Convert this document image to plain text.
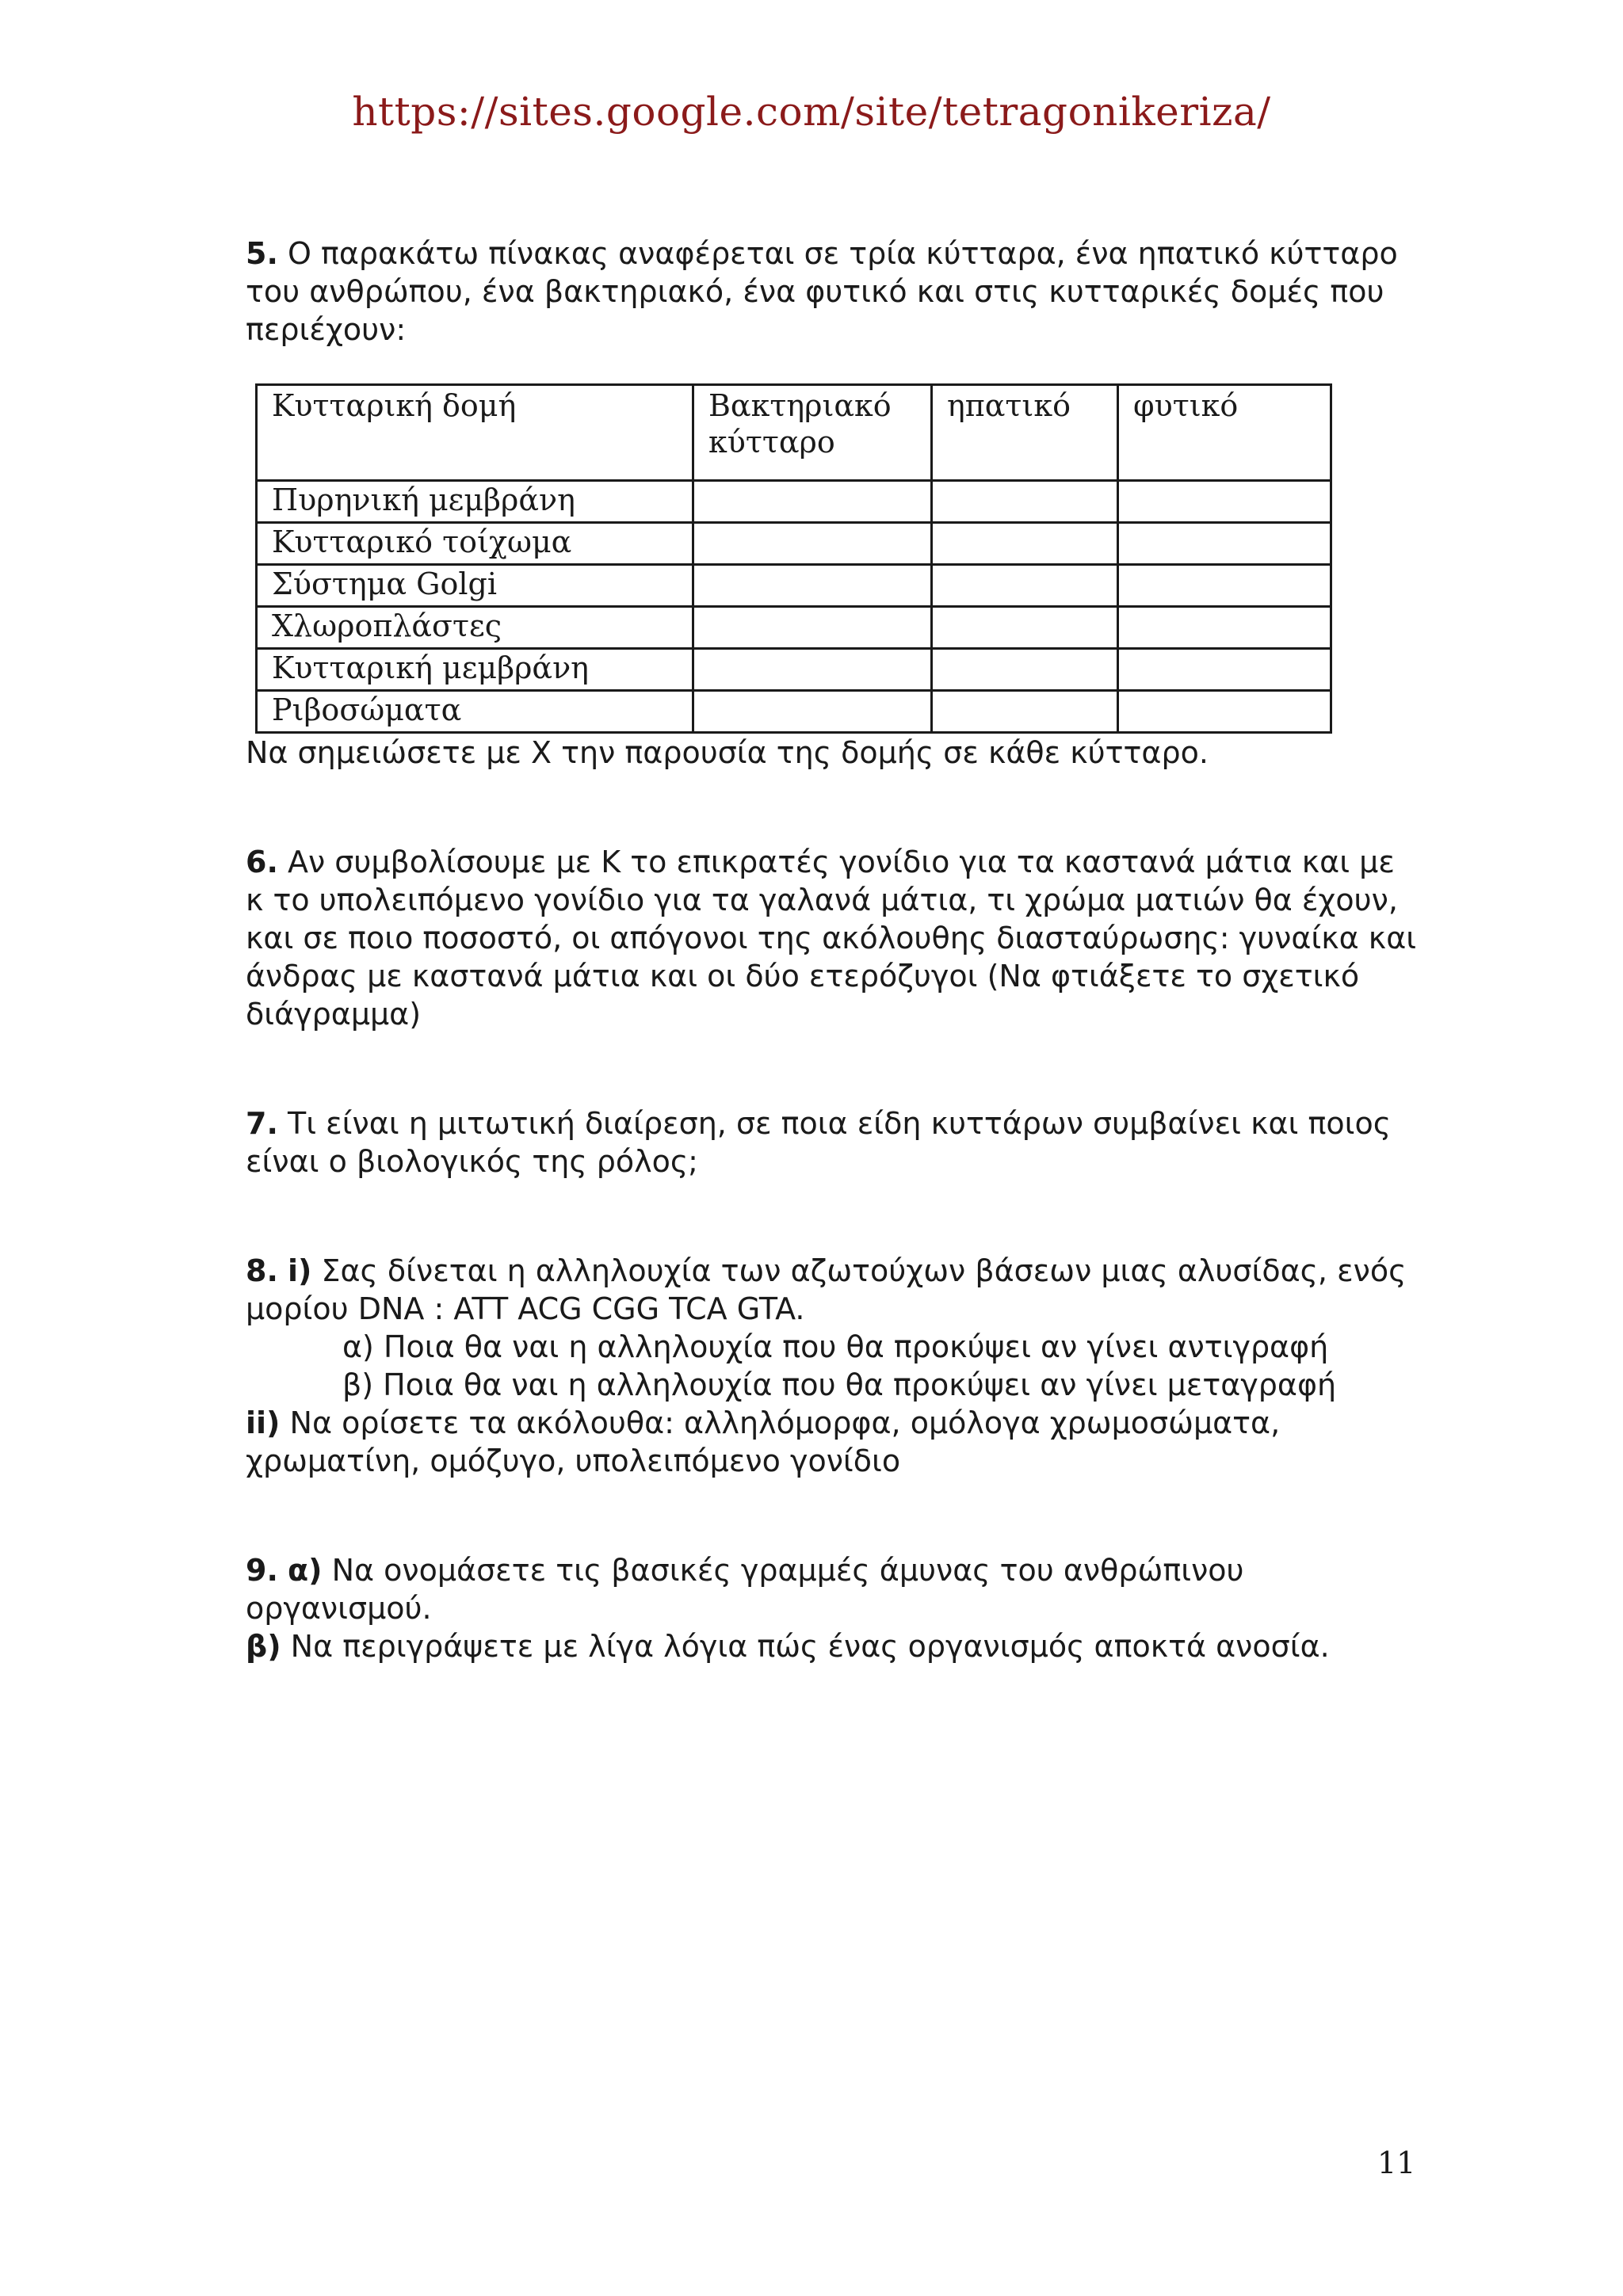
https://sites.google.com/site/tetragonikeriza/

5. Ο παρακάτω πίνακας αναφέρεται σε τρία κύτταρα, ένα ηπατικό κύτταρο του ανθρώπου, ένα βακτηριακό, ένα φυτικό και στις κυτταρικές δομές που περιέχουν:

Κυτταρική δομή	Βακτηριακό κύτταρο	ηπατικό	φυτικό
Πυρηνική μεμβράνη			
Κυτταρικό τοίχωμα			
Σύστημα Golgi			
Χλωροπλάστες			
Κυτταρική μεμβράνη			
Ριβοσώματα			

Να σημειώσετε με Χ την παρουσία της δομής σε κάθε κύτταρο.

6. Αν συμβολίσουμε με Κ το επικρατές γονίδιο για τα καστανά μάτια και με κ το υπολειπόμενο γονίδιο για τα γαλανά μάτια, τι χρώμα ματιών θα έχουν, και σε ποιο ποσοστό, οι απόγονοι της ακόλουθης διασταύρωσης: γυναίκα και άνδρας με καστανά μάτια και οι δύο ετερόζυγοι (Να φτιάξετε το σχετικό διάγραμμα)

7. Τι είναι η μιτωτική διαίρεση, σε ποια είδη κυττάρων συμβαίνει και ποιος είναι ο βιολογικός της ρόλος;

8. i) Σας δίνεται η αλληλουχία των αζωτούχων βάσεων μιας αλυσίδας, ενός μορίου DNA : ATT ACG CGG TCA GTA.

α) Ποια θα ναι η αλληλουχία που θα προκύψει αν γίνει αντιγραφή

β) Ποια θα ναι η αλληλουχία που θα προκύψει αν γίνει μεταγραφή

ii) Να ορίσετε τα ακόλουθα: αλληλόμορφα, ομόλογα χρωμοσώματα, χρωματίνη, ομόζυγο, υπολειπόμενο γονίδιο

9. α) Να ονομάσετε τις βασικές γραμμές άμυνας του ανθρώπινου οργανισμού.

β) Να περιγράψετε με λίγα λόγια πώς ένας οργανισμός αποκτά ανοσία.

11
